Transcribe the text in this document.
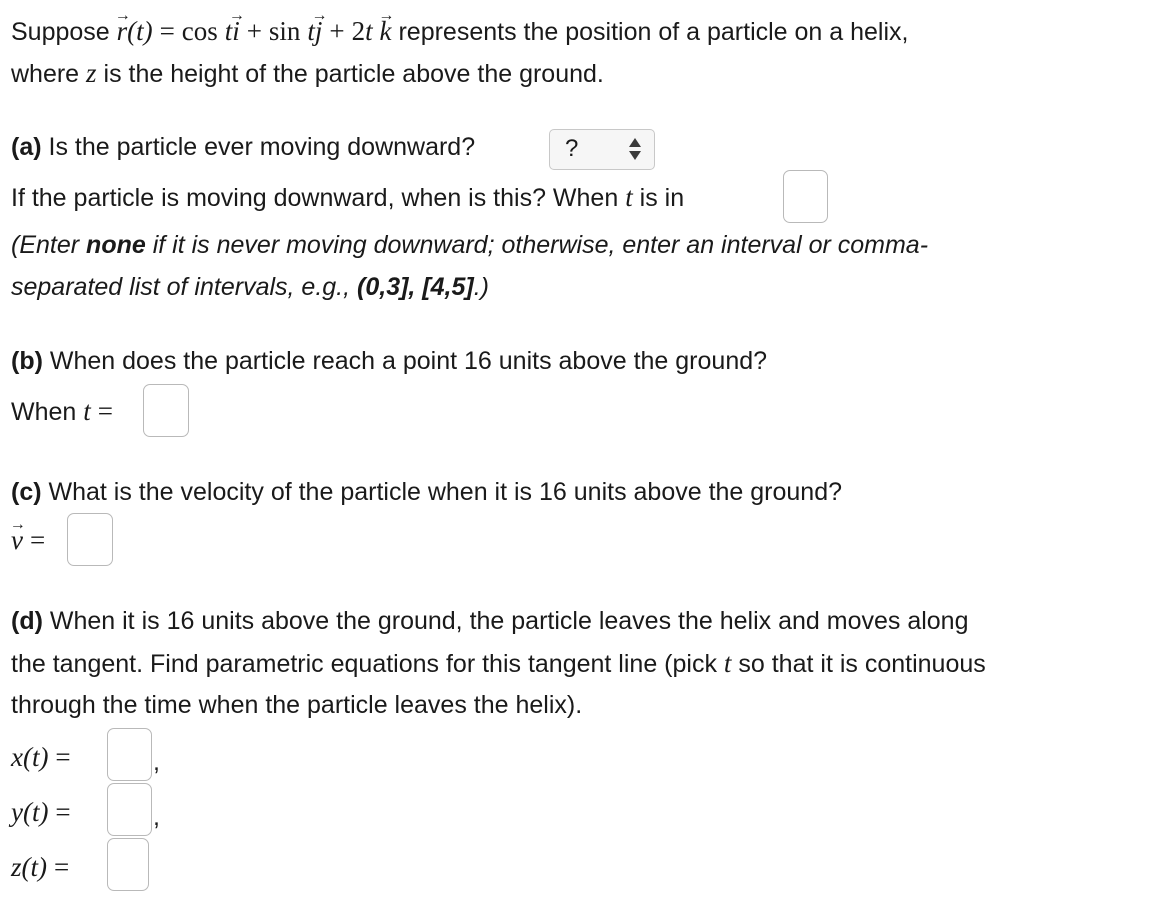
Suppose → r(t) = cos t→ i + sin t→ j + 2t → k represents the position of a particle on a helix,
where z is the height of the particle above the ground.
(a) Is the particle ever moving downward?	?
If the particle is moving downward, when is this? When t is in
(Enter none if it is never moving downward; otherwise, enter an interval or comma-
separated list of intervals, e.g., (0,3], [4,5].)
(b) When does the particle reach a point 16 units above the ground?
When t =
(c) What is the velocity of the particle when it is 16 units above the ground?
→ v =
(d) When it is 16 units above the ground, the particle leaves the helix and moves along
the tangent. Find parametric equations for this tangent line (pick t so that it is continuous
through the time when the particle leaves the helix).
x(t) =	,
y(t) =	,
z(t) =
